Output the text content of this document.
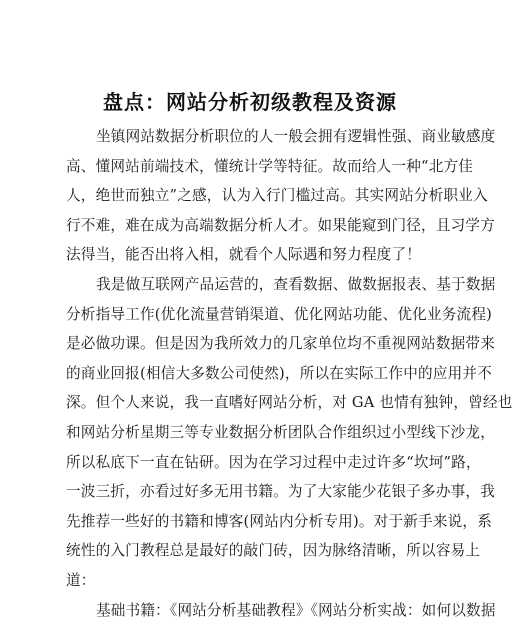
盘点：网站分析初级教程及资源
坐镇网站数据分析职位的人一般会拥有逻辑性强、商业敏感度
高、懂网站前端技术，懂统计学等特征。故而给人一种“北方佳
人，绝世而独立”之感，认为入行门槛过高。其实网站分析职业入
行不难，难在成为高端数据分析人才。如果能窥到门径，且习学方
法得当，能否出将入相，就看个人际遇和努力程度了！
我是做互联网产品运营的，查看数据、做数据报表、基于数据
分析指导工作(优化流量营销渠道、优化网站功能、优化业务流程)
是必做功课。但是因为我所效力的几家单位均不重视网站数据带来
的商业回报(相信大多数公司使然)，所以在实际工作中的应用并不
深。但个人来说，我一直嗜好网站分析，对 GA 也情有独钟，曾经也
和网站分析星期三等专业数据分析团队合作组织过小型线下沙龙，
所以私底下一直在钻研。因为在学习过程中走过许多“坎坷”路，
一波三折，亦看过好多无用书籍。为了大家能少花银子多办事，我
先推荐一些好的书籍和博客(网站内分析专用)。对于新手来说，系
统性的入门教程总是最好的敲门砖，因为脉络清晰，所以容易上
道：
基础书籍：《网站分析基础教程》《网站分析实战：如何以数据
